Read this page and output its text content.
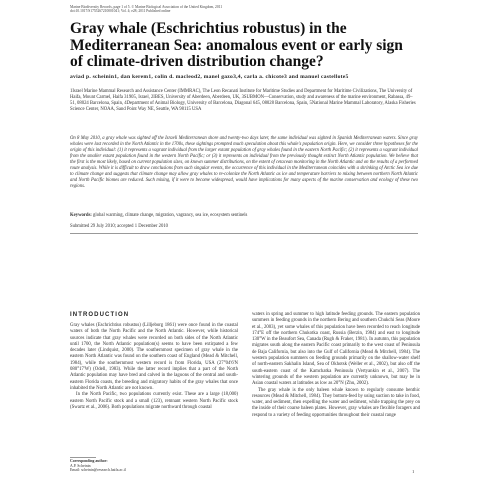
Marine Biodiversity Records, page 1 of 5. © Marine Biological Association of the United Kingdom, 2011
doi:10.1017/S1755267210001041; Vol. 4; e28; 2011 Published online
Gray whale (Eschrichtius robustus) in the Mediterranean Sea: anomalous event or early sign of climate-driven distribution change?
aviad p. scheinin1, dan kerem1, colin d. macleod2, manel gazo3,4, carla a. chicote3 and manuel castellote5
1Israel Marine Mammal Research and Assistance Center (IMMRAC), The Leon Recanati Institute for Maritime Studies and Department for Maritime Civilizations, The University of Haifa, Mount Carmel, Haifa 31905, Israel, 2IBES, University of Aberdeen, Aberdeen, UK, 3SUBMON—Conservation, study and awareness of the marine environment, Rabassa, 49–51, 08024 Barcelona, Spain, 4Department of Animal Biology, University of Barcelona, Diagonal 645, 08028 Barcelona, Spain, 5National Marine Mammal Laboratory, Alaska Fisheries Science Center, NOAA, Sand Point Way NE, Seattle, WA 98115 USA

On 8 May 2010, a gray whale was sighted off the Israeli Mediterranean shore and twenty-two days later, the same individual was sighted in Spanish Mediterranean waters. Since gray whales were last recorded in the North Atlantic in the 1700s, these sightings prompted much speculation about this whale's population origin. Here, we consider three hypotheses for the origin of this individual: (1) it represents a vagrant individual from the larger extant population of gray whales found in the eastern North Pacific; (2) it represents a vagrant individual from the smaller extant population found in the western North Pacific; or (3) it represents an individual from the previously thought extinct North Atlantic population. We believe that the first is the most likely, based on current population sizes, on known summer distributions, on the extent of cetacean monitoring in the North Atlantic and on the results of a performed route analysis. While it is difficult to draw conclusions from such singular events, the occurrence of this individual in the Mediterranean coincides with a shrinking of Arctic Sea ice due to climate change and suggests that climate change may allow gray whales to re-colonize the North Atlantic as ice and temperature barriers to mixing between northern North Atlantic and North Pacific biomes are reduced. Such mixing, if it were to become widespread, would have implications for many aspects of the marine conservation and ecology of these two regions.

Keywords: global warming, climate change, migration, vagrancy, sea ice, ecosystem sentinels
Submitted 29 July 2010; accepted 1 December 2010
INTRODUCTION

Gray whales (Eschrichtius robustus) (Lilljeborg 1861) were once found in the coastal waters of both the North Pacific and the North Atlantic. However, while historical sources indicate that gray whales were recorded on both sides of the North Atlantic until 1700, the North Atlantic population(s) seems to have been extirpated a few decades later (Lindquist, 2000). The southernmost specimen of gray whale in the eastern North Atlantic was found on the southern coast of England (Mead & Mitchell, 1984), while the southernmost western record is from Florida, USA (27°04'6'N 080°17'W) (Odell, 1983). While the latter record implies that a part of the North Atlantic population may have bred and calved in the lagoons of the central and south-eastern Florida coasts, the breeding and migratory habits of the gray whales that once inhabited the North Atlantic are not known.

In the North Pacific, two populations currently exist. These are a large (18,000) eastern North Pacific stock and a small (123), remnant western North Pacific stock (Swartz et al., 2006). Both populations migrate northward through coastal

waters in spring and summer to high latitude feeding grounds. The eastern population summers in feeding grounds in the northern Bering and southern Chukchi Seas (Moore et al., 2003), yet some whales of this population have been recorded to reach longitude 174°E off the northern Chukotka coast, Russia (Berzin, 1984) and east to longitude 130°W in the Beaufort Sea, Canada (Rugh & Fraker, 1981). In autumn, this population migrates south along the eastern Pacific coast primarily to the west coast of Peninsula de Baja California, but also into the Gulf of California (Mead & Mitchell, 1984). The western population summers on feeding grounds primarily on the shallow-water shelf of north-eastern Sakhalin Island, Sea of Okhotsk (Weller et al., 2002), but also off the south-eastern coast of the Kamchatka Peninsula (Vertyankin et al., 2007). The wintering grounds of the western population are currently unknown, but may be in Asian coastal waters at latitudes as low as 20°N (Zhu, 2002).

The gray whale is the only baleen whale known to regularly consume benthic resources (Mead & Mitchell, 1984). They bottom-feed by using suction to take in food, water, and sediment, then expelling the water and sediment, while trapping the prey on the inside of their coarse baleen plates. However, gray whales are flexible foragers and respond to a variety of feeding opportunities throughout their coastal range

Corresponding author:
A.P. Scheinin
Email: scheinin@research.haifa.ac.il	1
